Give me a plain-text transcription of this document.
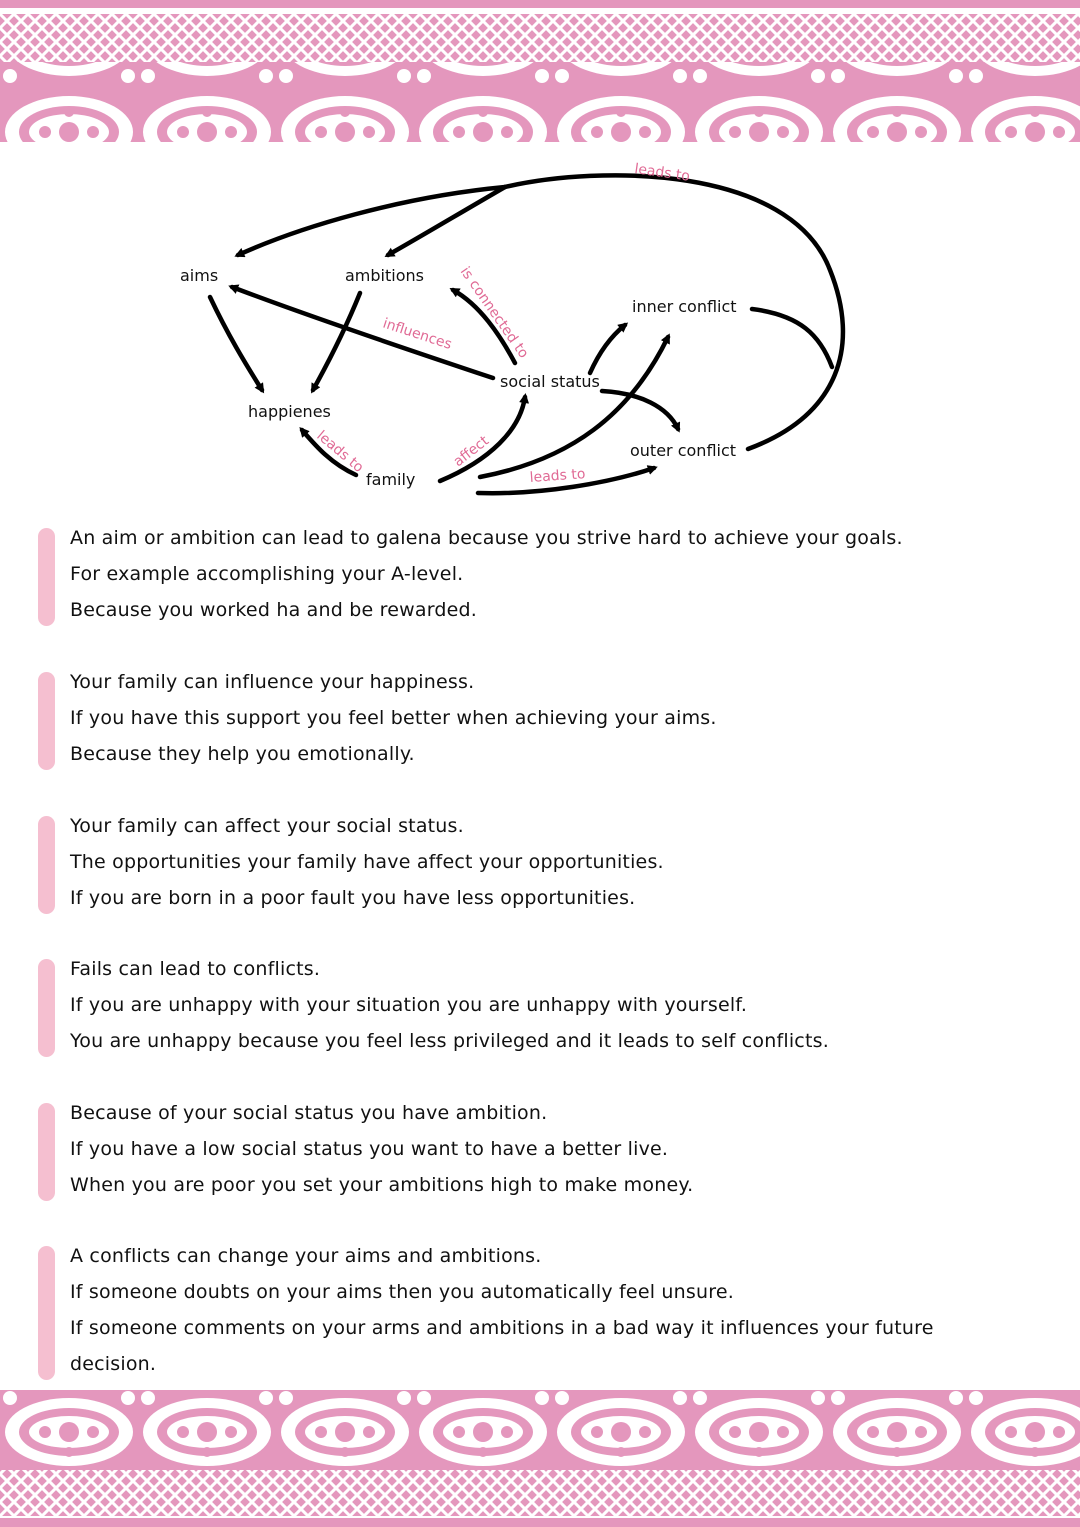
aims	ambitions
happienes
family
social status
inner conflict
outer conflict
leads to
is connected to
influences
leads to	affect
leads to
An aim or ambition can lead to galena because you strive hard to achieve your goals.
For example accomplishing your A-level.
Because you worked ha and be rewarded.
Your family can influence your happiness.
If you have this support you feel better when achieving your aims.
Because they help you emotionally.
Your family can affect your social status.
The opportunities your family have affect your opportunities.
If you are born in a poor fault you have less opportunities.
Fails can lead to conflicts.
If you are unhappy with your situation you are unhappy with yourself.
You are unhappy because you feel less privileged and it leads to self conflicts.
Because of your social status you have ambition.
If you have a low social status you want to have a better live.
When you are poor you set your ambitions high to make money.
A conflicts can change your aims and ambitions.
If someone doubts on your aims then you automatically feel unsure.
If someone comments on your arms and ambitions in a bad way it influences your future
decision.
